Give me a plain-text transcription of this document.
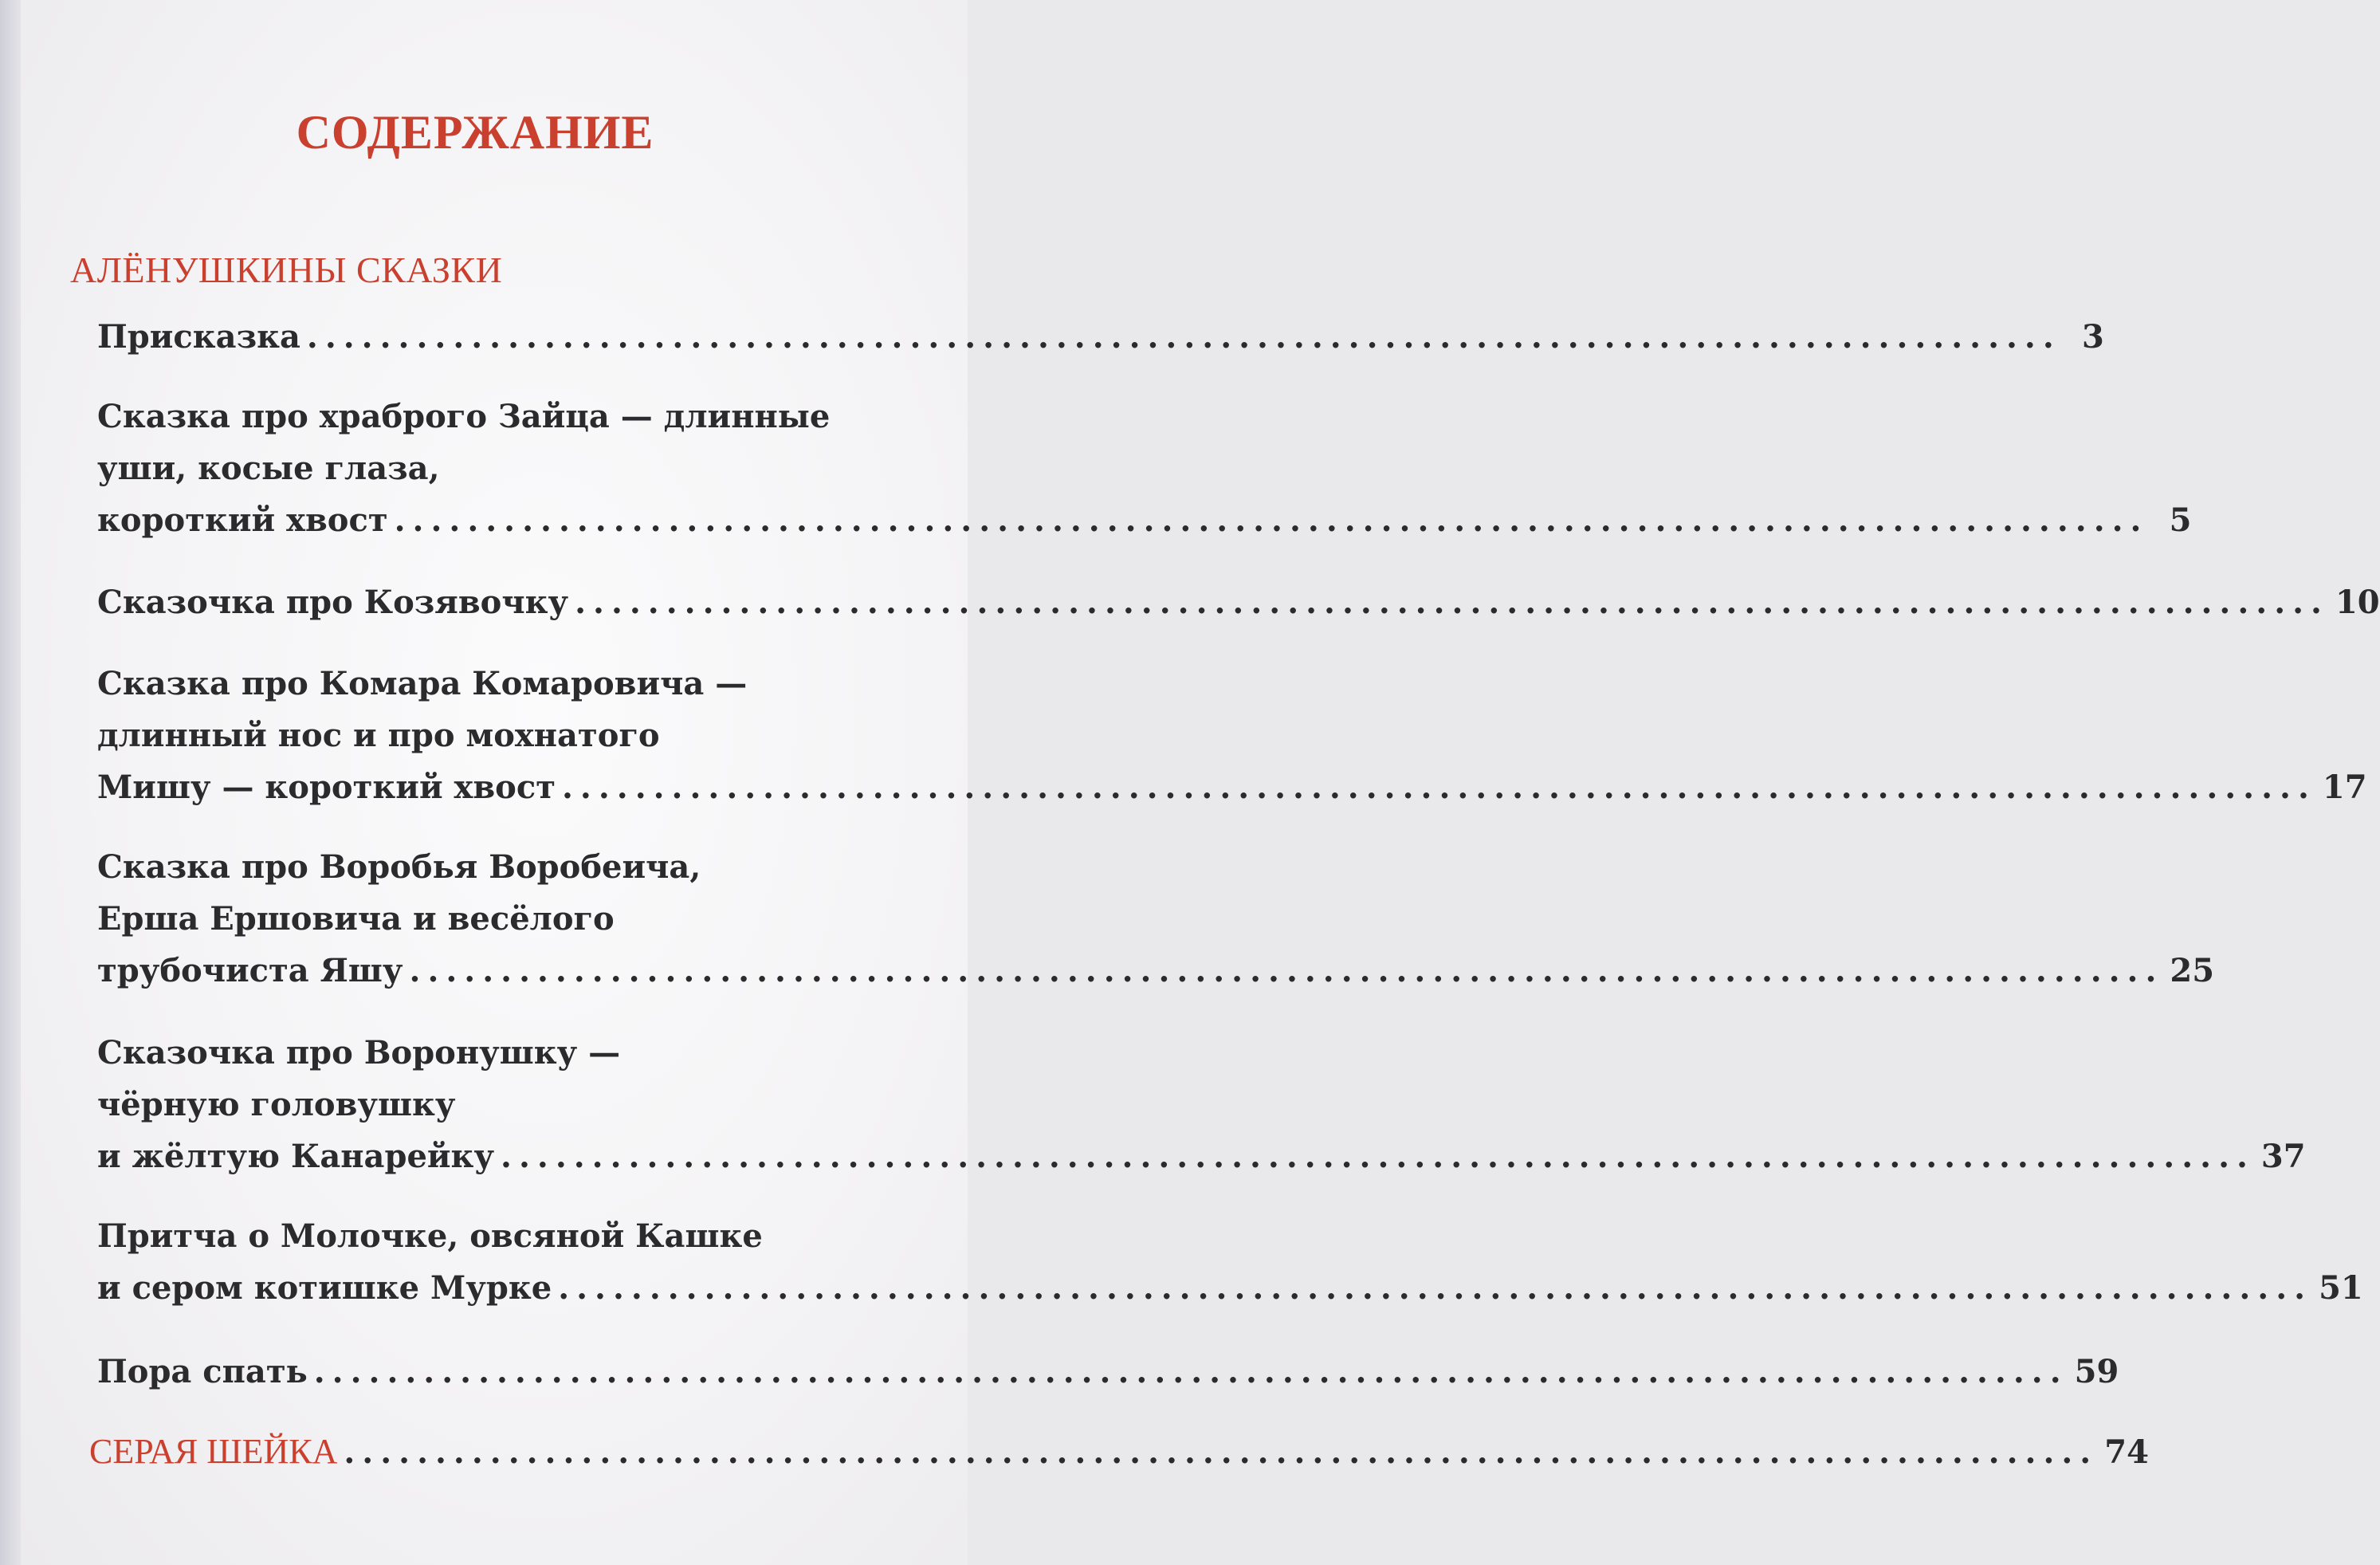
СОДЕРЖАНИЕ
АЛЁНУШКИНЫ СКАЗКИ
Присказка ................................................................................................ 3
Сказка про храброго Зайца — длинные
уши, косые глаза,
короткий хвост ................................................................................................ 5
Сказочка про Козявочку ................................................................................................ 10
Сказка про Комара Комаровича —
длинный нос и про мохнатого
Мишу — короткий хвост ................................................................................................ 17
Сказка про Воробья Воробеича,
Ерша Ершовича и весёлого
трубочиста Яшу ................................................................................................ 25
Сказочка про Воронушку —
чёрную головушку
и жёлтую Канарейку ................................................................................................ 37
Притча о Молочке, овсяной Кашке
и сером котишке Мурке ................................................................................................ 51
Пора спать ................................................................................................ 59
СЕРАЯ ШЕЙКА ................................................................................................ 74
